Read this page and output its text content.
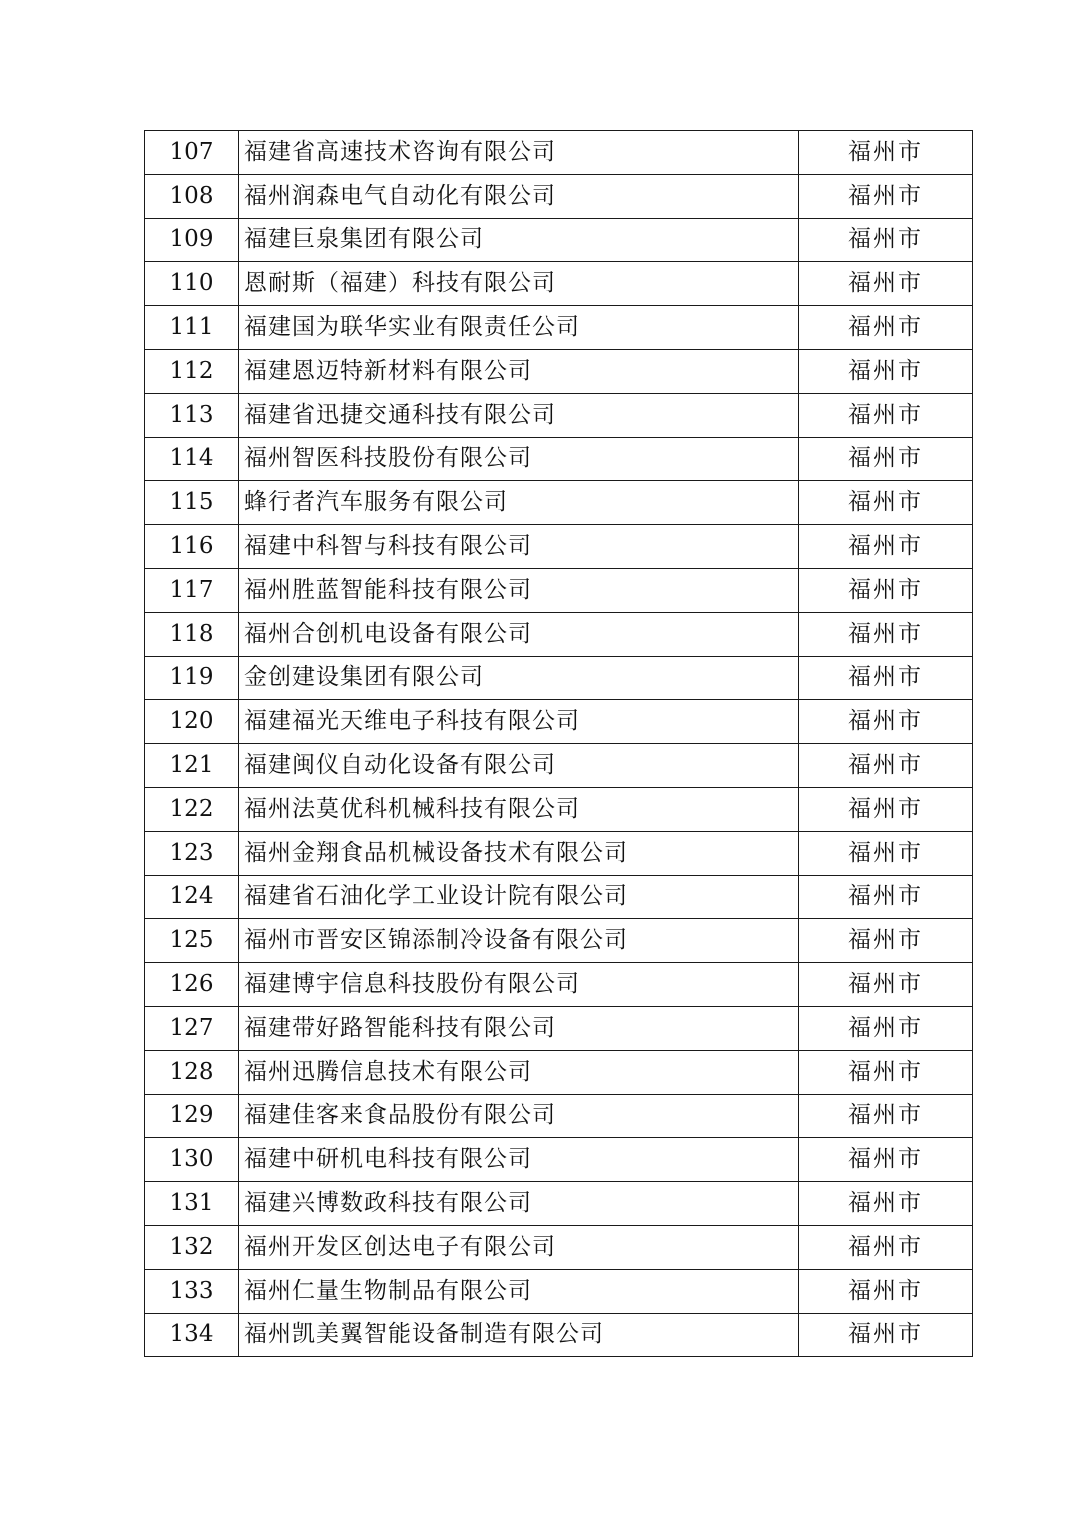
107	福建省高速技术咨询有限公司	福州市
108	福州润森电气自动化有限公司	福州市
109	福建巨泉集团有限公司	福州市
110	恩耐斯（福建）科技有限公司	福州市
111	福建国为联华实业有限责任公司	福州市
112	福建恩迈特新材料有限公司	福州市
113	福建省迅捷交通科技有限公司	福州市
114	福州智医科技股份有限公司	福州市
115	蜂行者汽车服务有限公司	福州市
116	福建中科智与科技有限公司	福州市
117	福州胜蓝智能科技有限公司	福州市
118	福州合创机电设备有限公司	福州市
119	金创建设集团有限公司	福州市
120	福建福光天维电子科技有限公司	福州市
121	福建闽仪自动化设备有限公司	福州市
122	福州法莫优科机械科技有限公司	福州市
123	福州金翔食品机械设备技术有限公司	福州市
124	福建省石油化学工业设计院有限公司	福州市
125	福州市晋安区锦添制冷设备有限公司	福州市
126	福建博宇信息科技股份有限公司	福州市
127	福建带好路智能科技有限公司	福州市
128	福州迅腾信息技术有限公司	福州市
129	福建佳客来食品股份有限公司	福州市
130	福建中研机电科技有限公司	福州市
131	福建兴博数政科技有限公司	福州市
132	福州开发区创达电子有限公司	福州市
133	福州仁量生物制品有限公司	福州市
134	福州凯美翼智能设备制造有限公司	福州市
